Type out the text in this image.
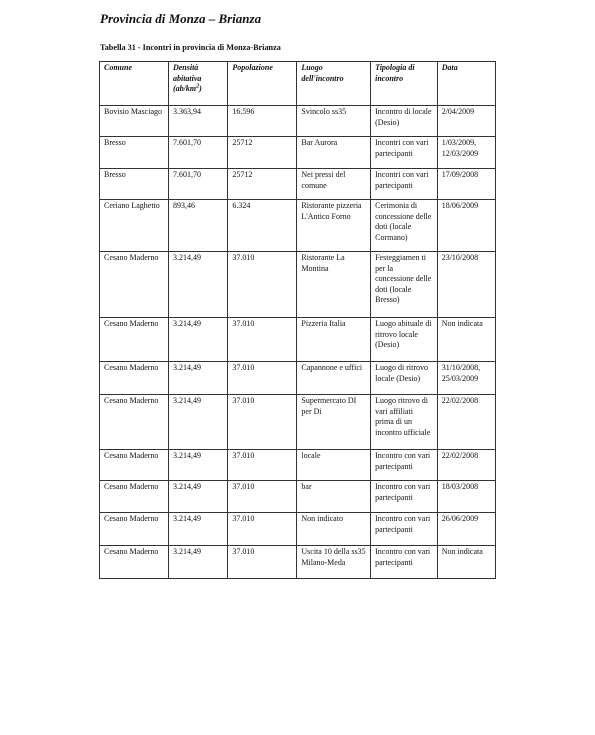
Provincia di Monza – Brianza
Tabella 31 - Incontri in provincia di Monza-Brianza
Comune	Densità abitativa $(ab/km^2)$	Popolazione	Luogo dell'incontro	Tipologia di incontro	Data
Bovisio Masciago	3.363,94	16.596	Svincolo ss35	Incontro di locale (Desio)	2/04/2009
Bresso	7.601,70	25712	Bar Aurora	Incontri con vari partecipanti	1/03/2009, 12/03/2009
Bresso	7.601,70	25712	Nei pressi del comune	Incontri con vari partecipanti	17/09/2008
Ceriano Laghetto	893,46	6.324	Ristorante pizzeria L'Antico Forno	Cerimonia di concessione delle doti (locale Cormano)	18/06/2009
Cesano Maderno	3.214,49	37.010	Ristorante La Montina	Festeggiamen ti per la concessione delle doti (locale Bresso)	23/10/2008
Cesano Maderno	3.214,49	37.010	Pizzeria Italia	Luogo abituale di ritrovo locale (Desio)	Non indicata
Cesano Maderno	3.214,49	37.010	Capannone e uffici	Luogo di ritrovo locale (Desio)	31/10/2008, 25/03/2009
Cesano Maderno	3.214,49	37.010	Supermercato DI per Di	Luogo ritrovo di vari affiliati prima di un incontro ufficiale	22/02/2008
Cesano Maderno	3.214,49	37.010	locale	Incontro con vari partecipanti	22/02/2008
Cesano Maderno	3.214,49	37.010	bar	Incontro con vari partecipanti	18/03/2008
Cesano Maderno	3.214,49	37.010	Non indicato	Incontro con vari partecipanti	26/06/2009
Cesano Maderno	3.214,49	37.010	Uscita 10 della ss35 Milano-Meda	Incontro con vari partecipanti	Non indicata
